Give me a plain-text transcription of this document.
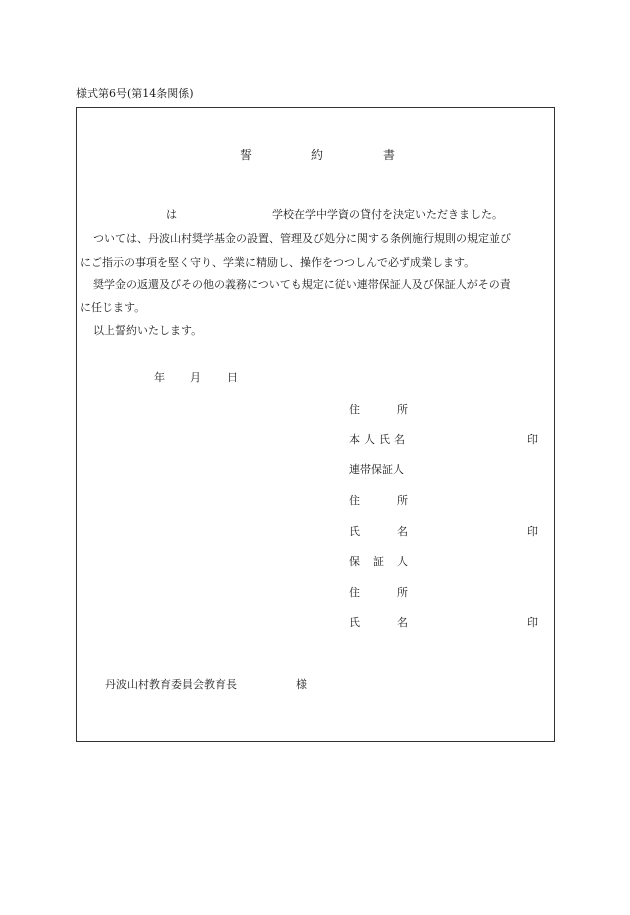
様式第6号(第14条関係)
誓	約	書
は	学校在学中学資の貸付を決定いただきました。
ついては、丹波山村奨学基金の設置、管理及び処分に関する条例施行規則の規定並び
にご指示の事項を堅く守り、学業に精励し、操作をつつしんで必ず成業します。
奨学金の返還及びその他の義務についても規定に従い連帯保証人及び保証人がその責
に任じます。
以上誓約いたします。
年 月 日
住	所
本人氏名	印
連帯保証人
住	所
氏	名	印
保 証 人
住	所
氏	名	印
丹波山村教育委員会教育長	様
